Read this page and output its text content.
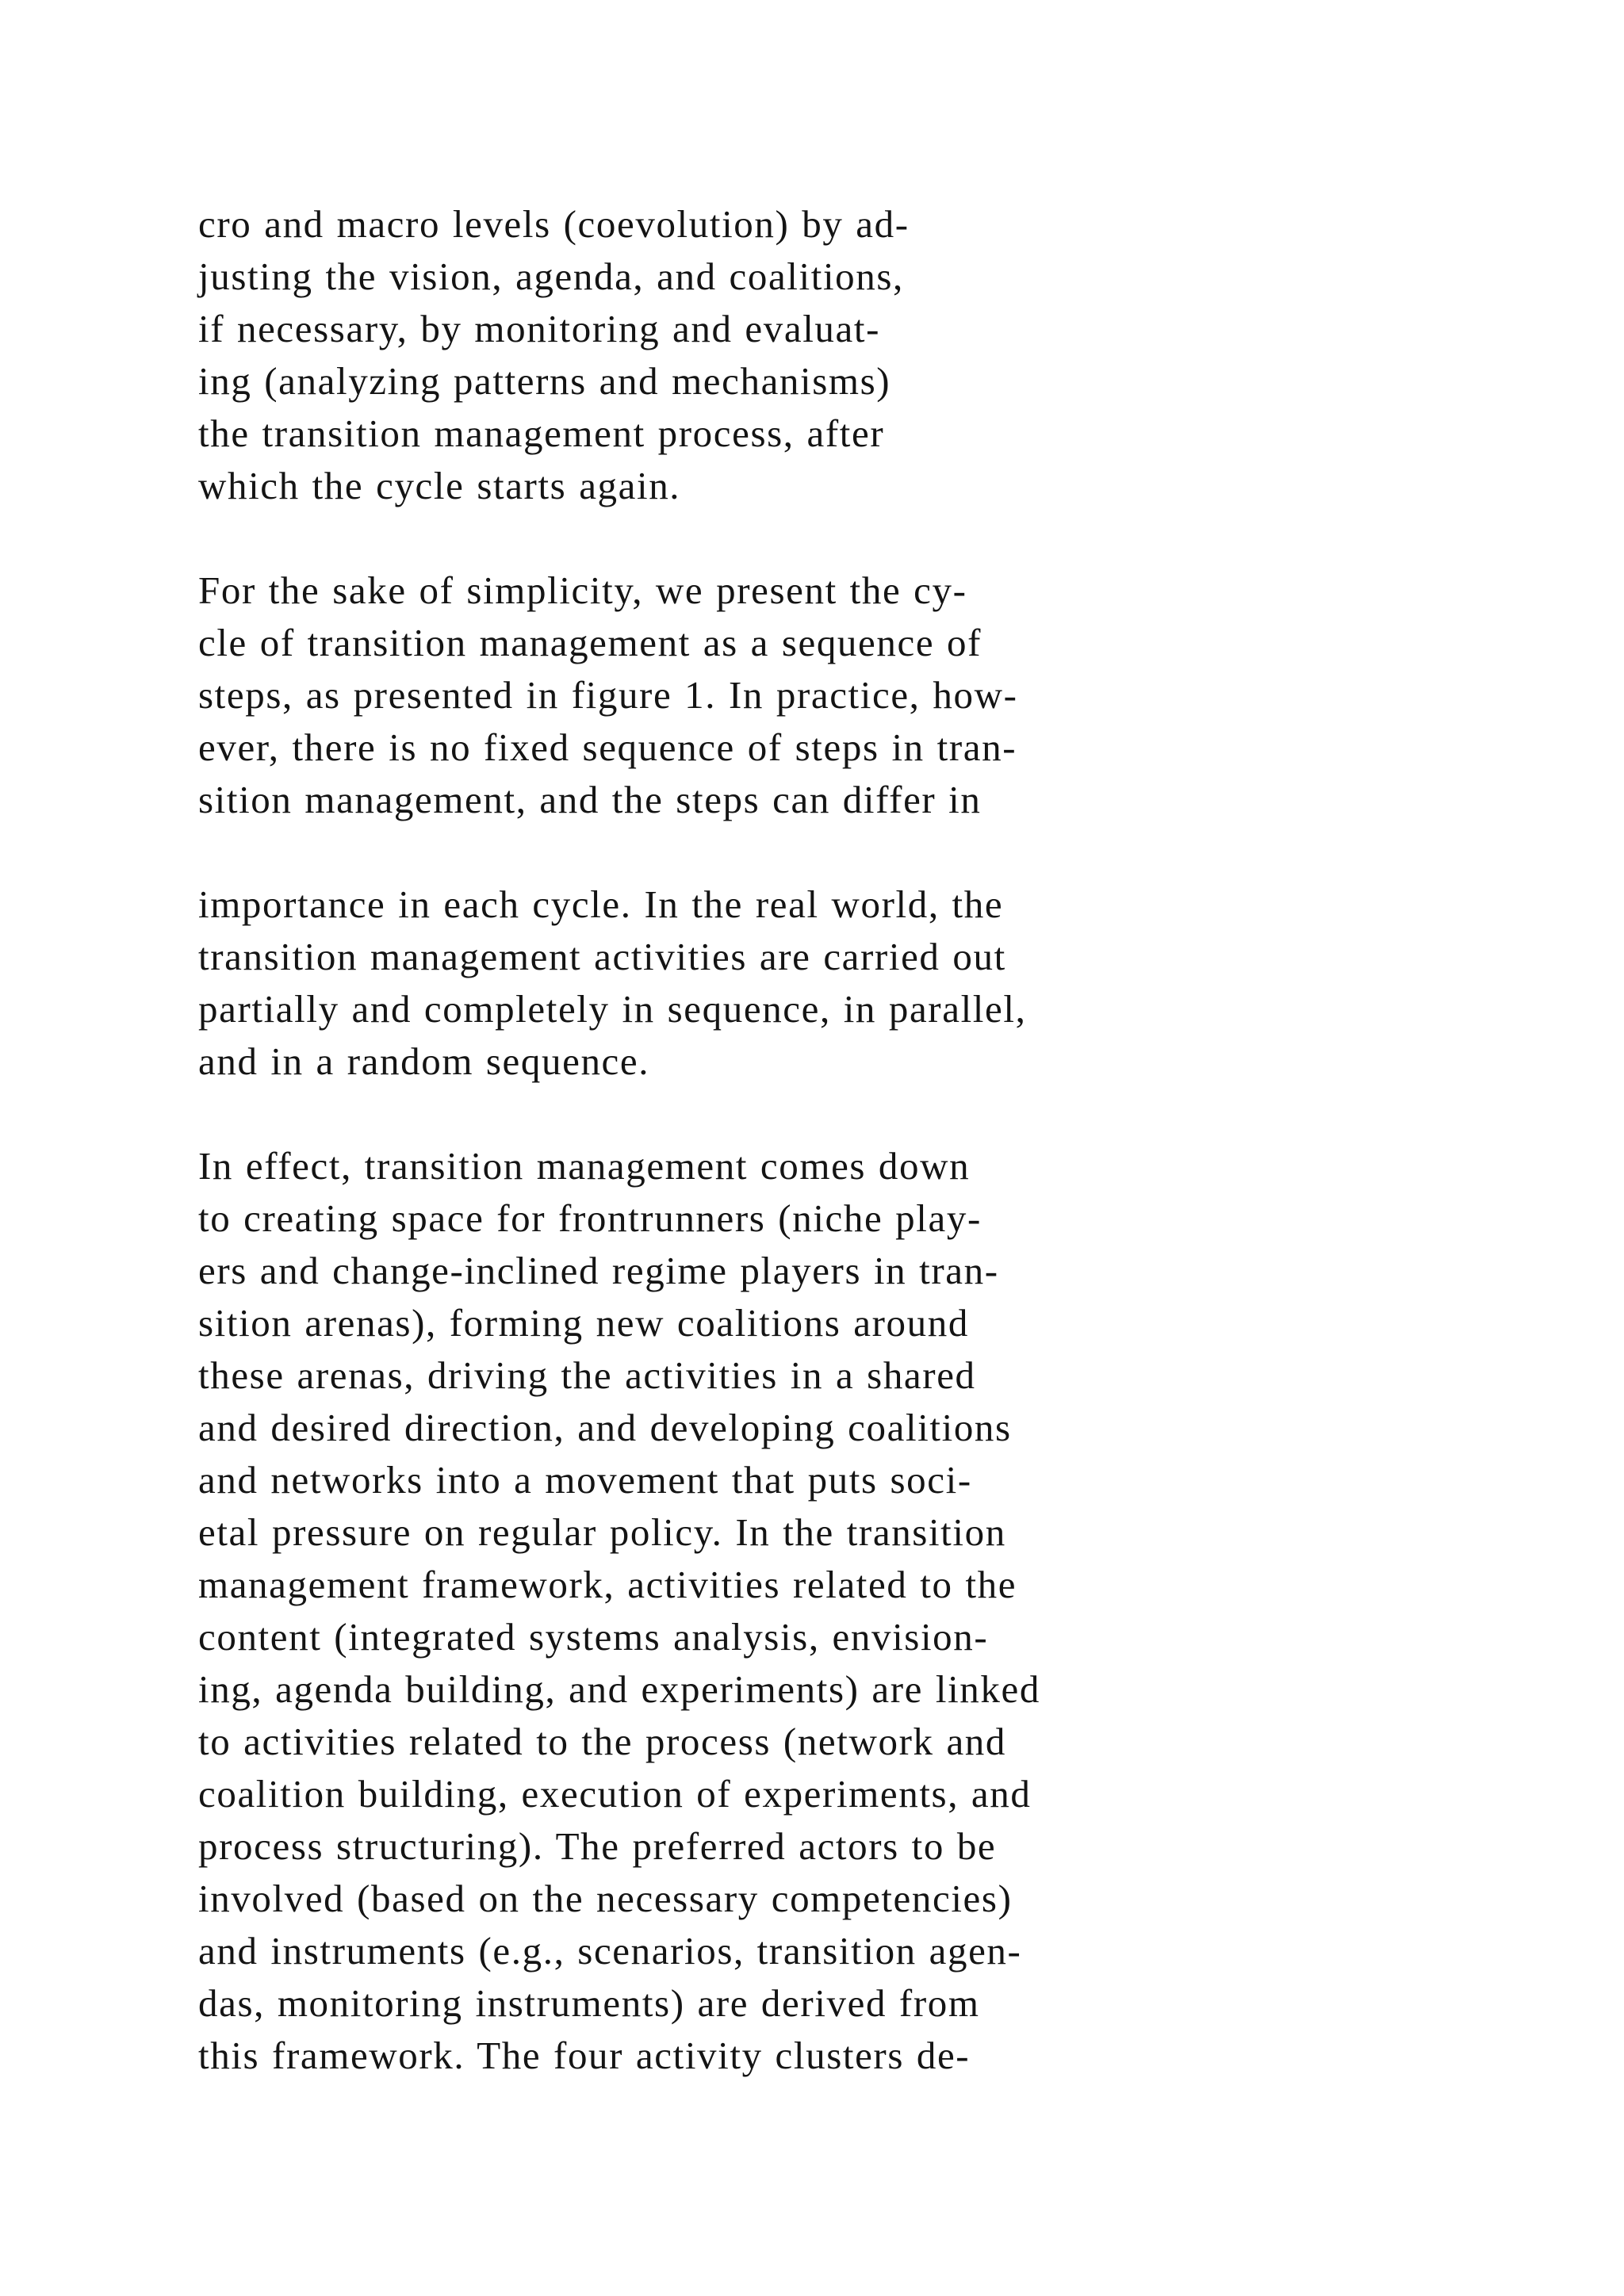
cro and macro levels (coevolution) by ad-
justing the vision, agenda, and coalitions,
if necessary, by monitoring and evaluat-
ing (analyzing patterns and mechanisms)
the transition management process, after
which the cycle starts again.
For the sake of simplicity, we present the cy-
cle of transition management as a sequence of
steps, as presented in figure 1. In practice, how-
ever, there is no fixed sequence of steps in tran-
sition management, and the steps can differ in
importance in each cycle. In the real world, the
transition management activities are carried out
partially and completely in sequence, in parallel,
and in a random sequence.
In effect, transition management comes down
to creating space for frontrunners (niche play-
ers and change-inclined regime players in tran-
sition arenas), forming new coalitions around
these arenas, driving the activities in a shared
and desired direction, and developing coalitions
and networks into a movement that puts soci-
etal pressure on regular policy. In the transition
management framework, activities related to the
content (integrated systems analysis, envision-
ing, agenda building, and experiments) are linked
to activities related to the process (network and
coalition building, execution of experiments, and
process structuring). The preferred actors to be
involved (based on the necessary competencies)
and instruments (e.g., scenarios, transition agen-
das, monitoring instruments) are derived from
this framework. The four activity clusters de-
